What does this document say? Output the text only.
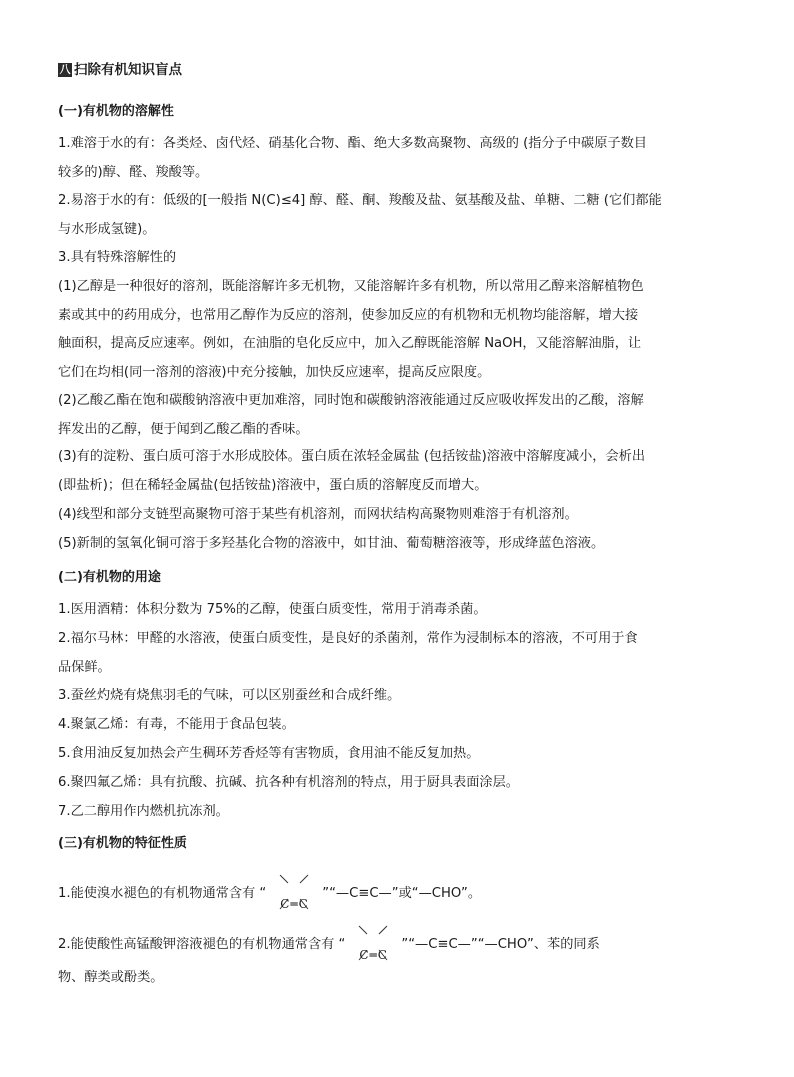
八 扫除有机知识盲点
(一)有机物的溶解性
1.难溶于水的有：各类烃、卤代烃、硝基化合物、酯、绝大多数高聚物、高级的 (指分子中碳原子数目
较多的)醇、醛、羧酸等。
2.易溶于水的有：低级的[一般指 N(C)≤4] 醇、醛、酮、羧酸及盐、氨基酸及盐、单糖、二糖 (它们都能
与水形成氢键)。
3.具有特殊溶解性的
(1)乙醇是一种很好的溶剂，既能溶解许多无机物，又能溶解许多有机物，所以常用乙醇来溶解植物色
素或其中的药用成分，也常用乙醇作为反应的溶剂，使参加反应的有机物和无机物均能溶解，增大接
触面积，提高反应速率。例如，在油脂的皂化反应中，加入乙醇既能溶解 NaOH，又能溶解油脂，让
它们在均相(同一溶剂的溶液)中充分接触，加快反应速率，提高反应限度。
(2)乙酸乙酯在饱和碳酸钠溶液中更加难溶，同时饱和碳酸钠溶液能通过反应吸收挥发出的乙酸，溶解
挥发出的乙醇，便于闻到乙酸乙酯的香味。
(3)有的淀粉、蛋白质可溶于水形成胶体。蛋白质在浓轻金属盐 (包括铵盐)溶液中溶解度减小，会析出
(即盐析)；但在稀轻金属盐(包括铵盐)溶液中，蛋白质的溶解度反而增大。
(4)线型和部分支链型高聚物可溶于某些有机溶剂，而网状结构高聚物则难溶于有机溶剂。
(5)新制的氢氧化铜可溶于多羟基化合物的溶液中，如甘油、葡萄糖溶液等，形成绛蓝色溶液。
(二)有机物的用途
1.医用酒精：体积分数为 75%的乙醇，使蛋白质变性，常用于消毒杀菌。
2.福尔马林：甲醛的水溶液，使蛋白质变性，是良好的杀菌剂，常作为浸制标本的溶液，不可用于食
品保鲜。
3.蚕丝灼烧有烧焦羽毛的气味，可以区别蚕丝和合成纤维。
4.聚氯乙烯：有毒，不能用于食品包装。
5.食用油反复加热会产生稠环芳香烃等有害物质，食用油不能反复加热。
6.聚四氟乙烯：具有抗酸、抗碱、抗各种有机溶剂的特点，用于厨具表面涂层。
7.乙二醇用作内燃机抗冻剂。
(三)有机物的特征性质
1.能使溴水褪色的有机物通常含有 “
C═C
”“—C≡C—”或“—CHO”。
2.能使酸性高锰酸钾溶液褪色的有机物通常含有 “
C═C
”“—C≡C—”“—CHO”、苯的同系
物、醇类或酚类。
